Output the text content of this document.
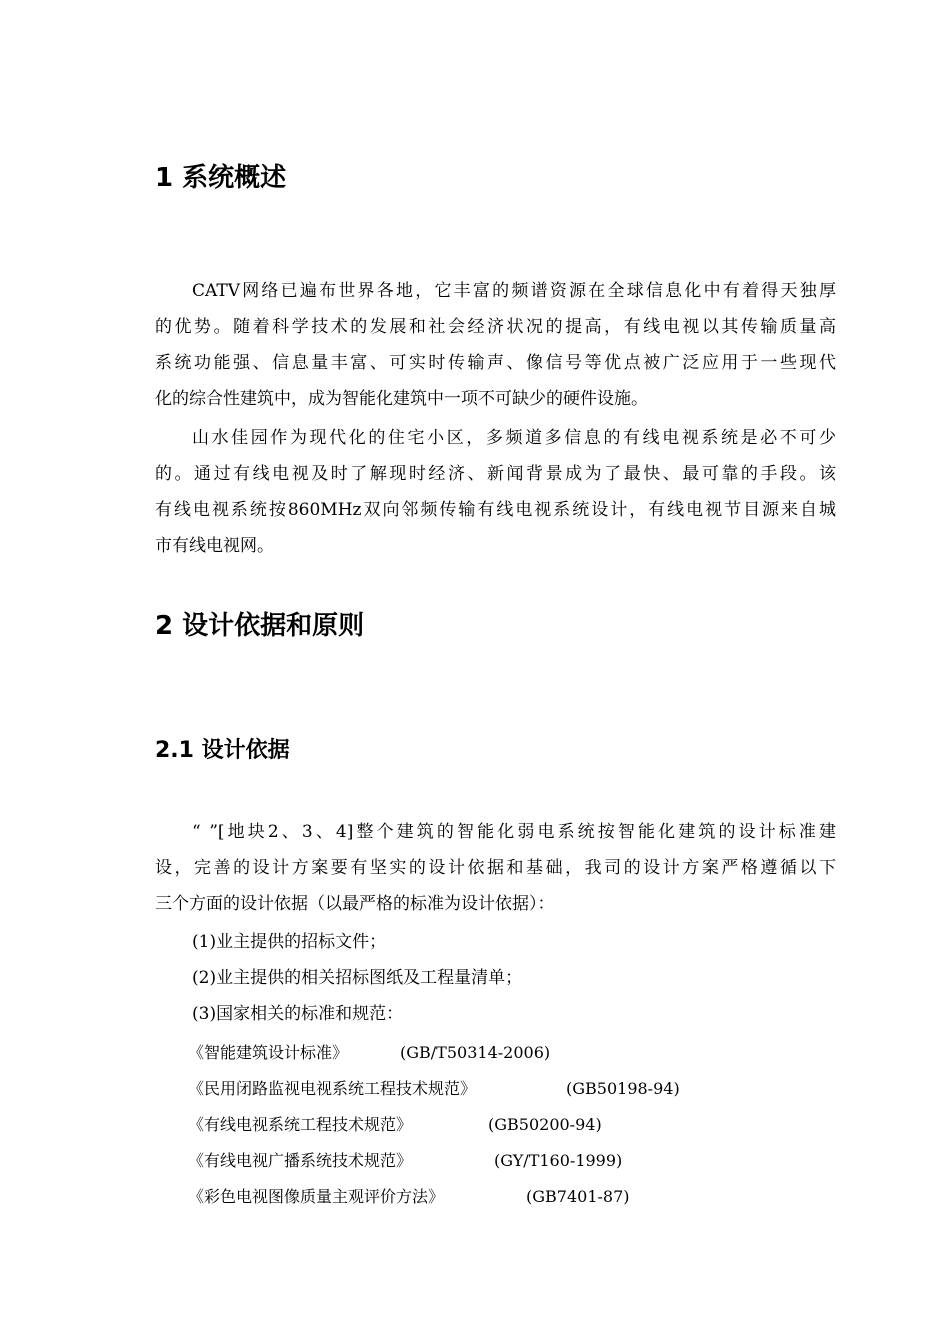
1 系统概述
CATV网络已遍布世界各地，它丰富的频谱资源在全球信息化中有着得天独厚
的优势。随着科学技术的发展和社会经济状况的提高，有线电视以其传输质量高
系统功能强、信息量丰富、可实时传输声、像信号等优点被广泛应用于一些现代
化的综合性建筑中，成为智能化建筑中一项不可缺少的硬件设施。
山水佳园作为现代化的住宅小区，多频道多信息的有线电视系统是必不可少
的。通过有线电视及时了解现时经济、新闻背景成为了最快、最可靠的手段。该
有线电视系统按860MHz双向邻频传输有线电视系统设计，有线电视节目源来自城
市有线电视网。
2 设计依据和原则
2.1 设计依据
“ ”[地块2、3、4]整个建筑的智能化弱电系统按智能化建筑的设计标准建
设，完善的设计方案要有坚实的设计依据和基础，我司的设计方案严格遵循以下
三个方面的设计依据（以最严格的标准为设计依据）：
(1)业主提供的招标文件；
(2)业主提供的相关招标图纸及工程量清单；
(3)国家相关的标准和规范：
《智能建筑设计标准》	(GB/T50314-2006)
《民用闭路监视电视系统工程技术规范》	(GB50198-94)
《有线电视系统工程技术规范》	(GB50200-94)
《有线电视广播系统技术规范》	(GY/T160-1999)
《彩色电视图像质量主观评价方法》	(GB7401-87)
